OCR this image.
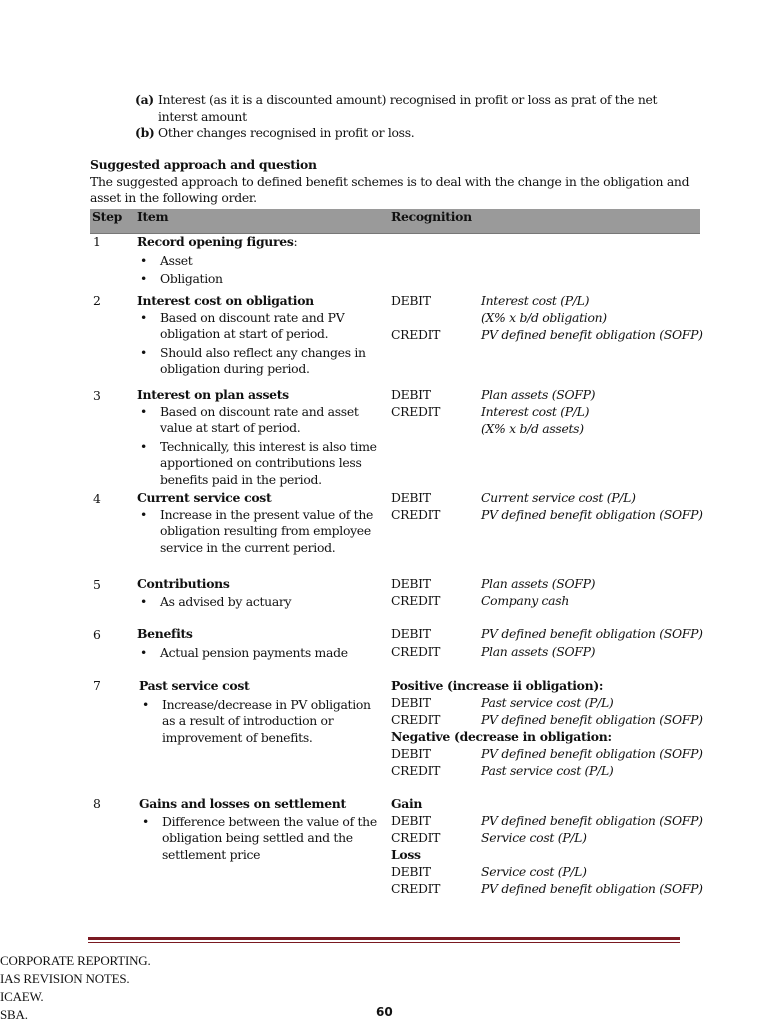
(a) Interest (as it is a discounted amount) recognised in profit or loss as prat of the net interst amount
(b) Other changes recognised in profit or loss.
Suggested approach and question
The suggested approach to defined benefit schemes is to deal with the change in the obligation and asset in the following order.
Step Item	Recognition
1	Record opening figures:
• Asset
• Obligation
2	Interest cost on obligation
• Based on discount rate and PV obligation at start of period.
• Should also reflect any changes in obligation during period.
DEBIT	Interest cost (P/L)
(X% x b/d obligation)
CREDIT	PV defined benefit obligation (SOFP)
3	Interest on plan assets
• Based on discount rate and asset value at start of period.
• Technically, this interest is also time apportioned on contributions less benefits paid in the period.
DEBIT	Plan assets (SOFP)
CREDIT	Interest cost (P/L)
(X% x b/d assets)
4	Current service cost
• Increase in the present value of the obligation resulting from employee service in the current period.
DEBIT	Current service cost (P/L)
CREDIT	PV defined benefit obligation (SOFP)
5	Contributions
• As advised by actuary
DEBIT	Plan assets (SOFP)
CREDIT	Company cash
6	Benefits
• Actual pension payments made
DEBIT	PV defined benefit obligation (SOFP)
CREDIT	Plan assets (SOFP)
7	Past service cost
• Increase/decrease in PV obligation as a result of introduction or improvement of benefits.
Positive (increase ii obligation):
DEBIT	Past service cost (P/L)
CREDIT	PV defined benefit obligation (SOFP)
Negative (decrease in obligation:
DEBIT	PV defined benefit obligation (SOFP)
CREDIT	Past service cost (P/L)
8	Gains and losses on settlement
• Difference between the value of the obligation being settled and the settlement price
Gain
DEBIT	PV defined benefit obligation (SOFP)
CREDIT	Service cost (P/L)
Loss
DEBIT	Service cost (P/L)
CREDIT	PV defined benefit obligation (SOFP)
CORPORATE REPORTING.
IAS REVISION NOTES.
ICAEW.
SBA.	60
